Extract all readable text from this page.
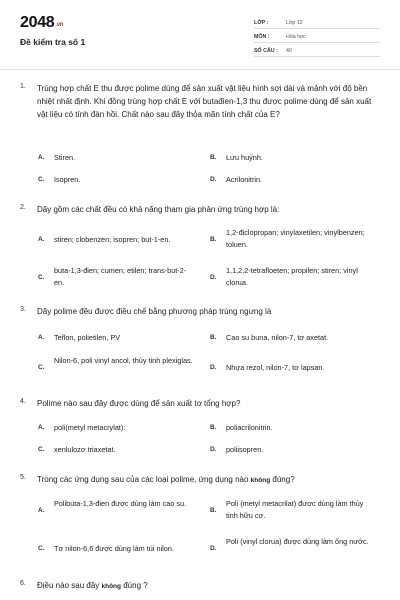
2048.vn
Đề kiểm tra số 1
LỚP :	Lớp 12
MÔN :	Hóa học
SỐ CÂU :	40
1. Trùng hợp chất E thu được polime dùng để sản xuất vật liệu hình sợi dài và mảnh với độ bền nhiệt nhất định. Khi đồng trùng hợp chất E với butađien-1,3 thu được polime dùng để sản xuất vật liệu có tính đàn hồi. Chất nào sau đây thỏa mãn tính chất của E?
A. Stiren.	B. Lưu huỳnh.
C. Isopren.	D. Acrilonitrin.
2. Dãy gồm các chất đều có khả năng tham gia phản ứng trùng hợp là:
A. stiren; clobenzen; isopren; but-1-en.	B.
1,2-điclopropan; vinylaxetilen; vinylbenzen; toluen.
C.
buta-1,3-đien; cumen; etilen; trans-but-2-en.	D.
1,1,2,2-tetrafloeten; propilen; stiren; vinyl clorua.
3. Dãy polime đều được điều chế bằng phương pháp trùng ngưng là
A. Teflon, polietilen, PV	B. Cao su buna, nilon-7, tơ axetat.
C.
Nilon-6, poli vinyl ancol, thủy tinh plexiglas.
D. Nhựa rezol, nilon-7, tơ lapsan.
4. Polime nào sau đây được dùng để sản xuất tơ tổng hợp?
A. poli(metyl metacrylat).	B. poliacrilonitrin.
C. xenlulozơ triaxetat.	D. poliisopren.
5. Trong các ứng dụng sau của các loại polime, ứng dụng nào không đúng?
A.
Polibuta-1,3-đien được dùng làm cao su.
B.
Poli (metyl metacrilat) được dùng làm thủy tinh hữu cơ.
C. Tơ nilon-6,6 được dùng làm túi nilon.	D.
Poli (vinyl clorua) được dùng làm ống nước.
6. Điều nào sau đây không đúng ?
